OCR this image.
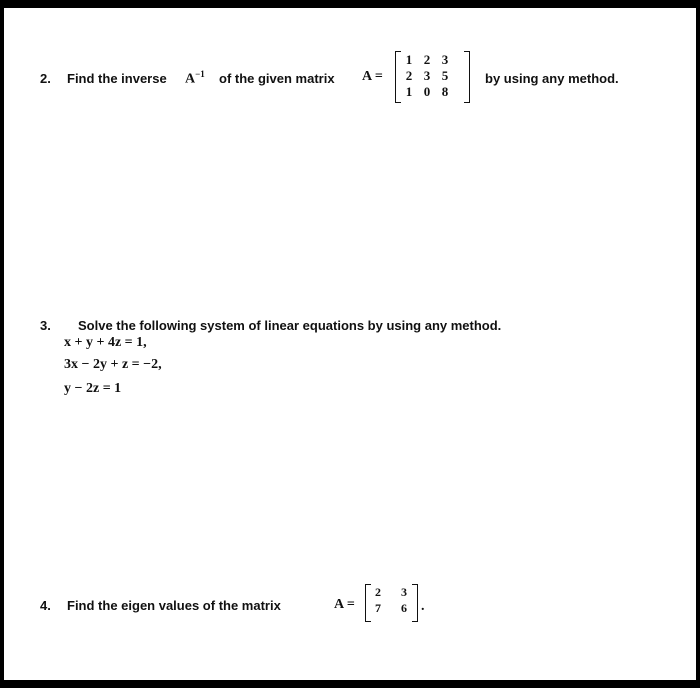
2. Find the inverse $A^{-1}$ of the given matrix A =
1 2 3
2 3 5
1 0 8
by using any method.
3. Solve the following system of linear equations by using any method.
x + y + 4z = 1,
3x − 2y + z = −2,
y − 2z = 1
4. Find the eigen values of the matrix	A =
2 3
7 6 .
